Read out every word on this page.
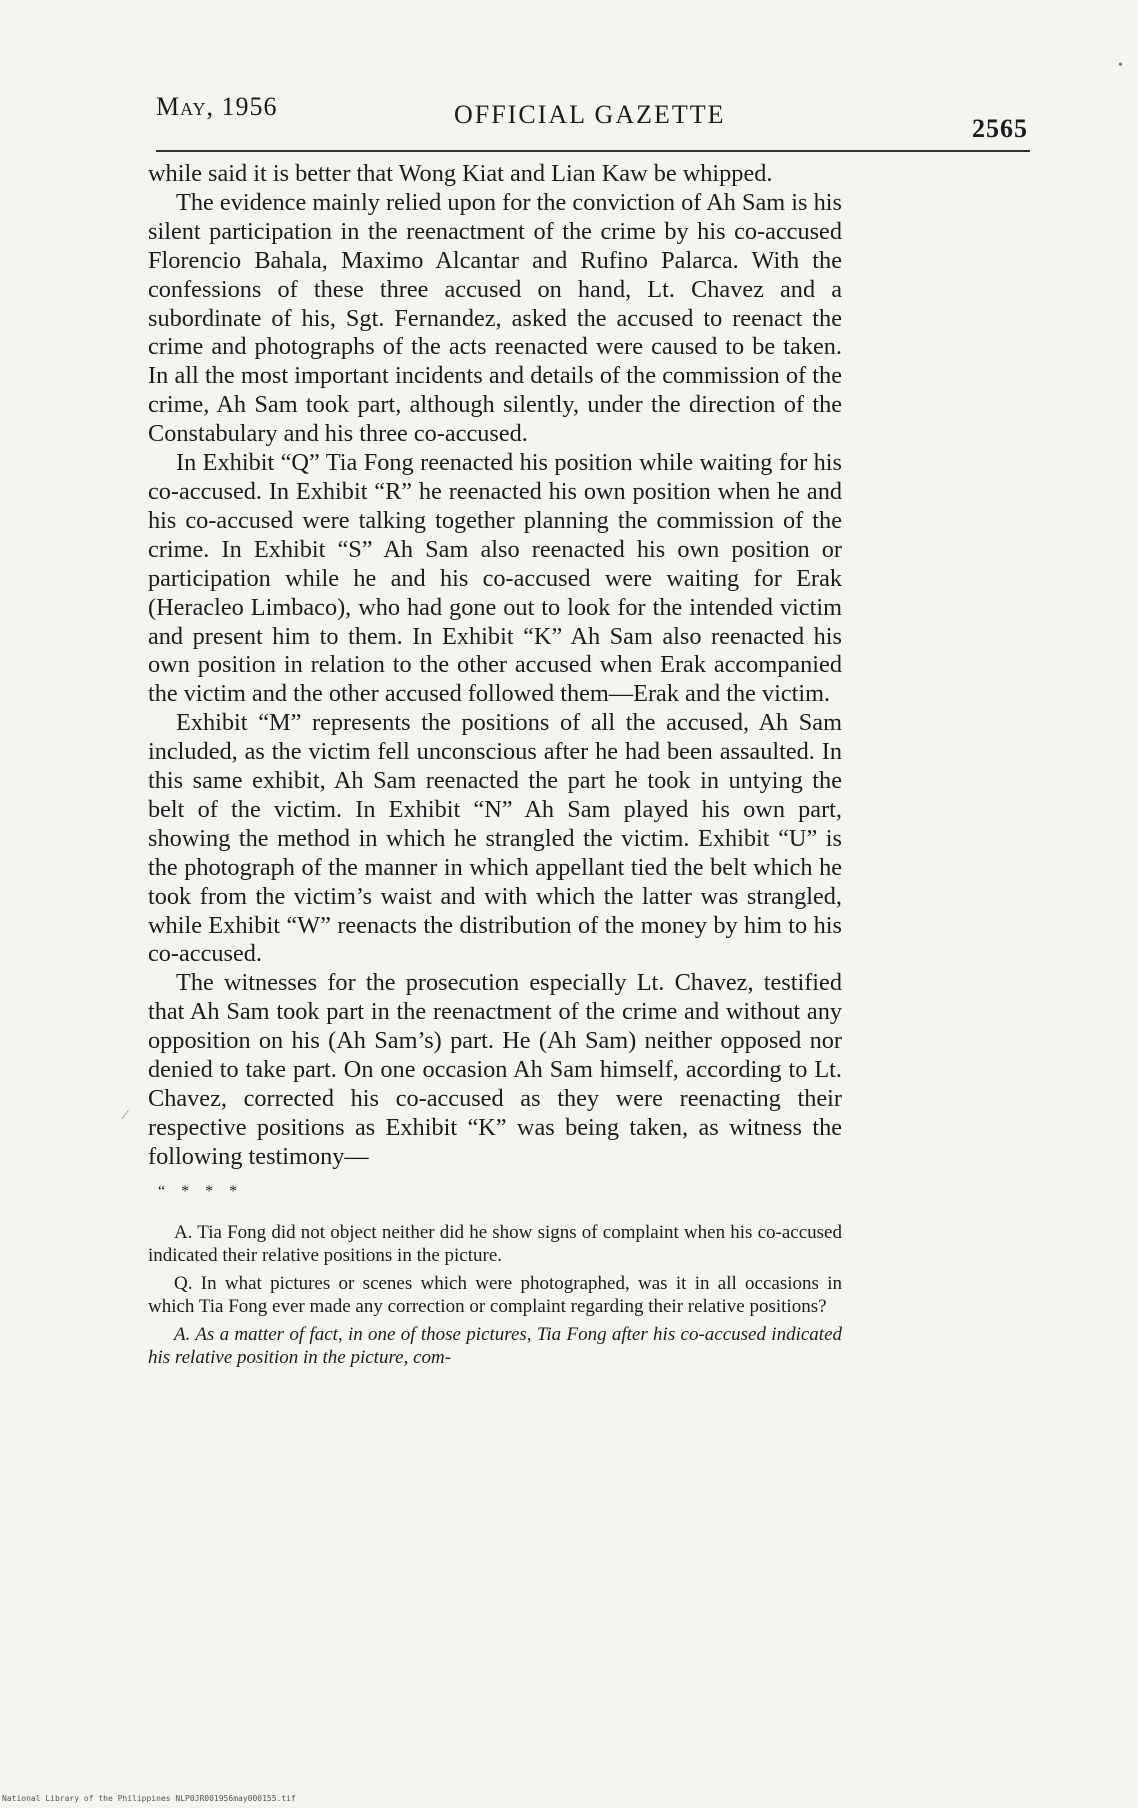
May, 1956	OFFICIAL GAZETTE	2565

while said it is better that Wong Kiat and Lian Kaw be whipped.

The evidence mainly relied upon for the conviction of Ah Sam is his silent participation in the reenactment of the crime by his co-accused Florencio Bahala, Maximo Alcantar and Rufino Palarca. With the confessions of these three accused on hand, Lt. Chavez and a subordinate of his, Sgt. Fernandez, asked the accused to reenact the crime and photographs of the acts reenacted were caused to be taken. In all the most important incidents and details of the commission of the crime, Ah Sam took part, although silently, under the direction of the Constabulary and his three co-accused.

In Exhibit “Q” Tia Fong reenacted his position while waiting for his co-accused. In Exhibit “R” he reenacted his own position when he and his co-accused were talking together planning the commission of the crime. In Exhibit “S” Ah Sam also reenacted his own position or participation while he and his co-accused were waiting for Erak (Heracleo Limbaco), who had gone out to look for the intended victim and present him to them. In Exhibit “K” Ah Sam also reenacted his own position in relation to the other accused when Erak accompanied the victim and the other accused followed them—Erak and the victim.

Exhibit “M” represents the positions of all the accused, Ah Sam included, as the victim fell unconscious after he had been assaulted. In this same exhibit, Ah Sam reenacted the part he took in untying the belt of the victim. In Exhibit “N” Ah Sam played his own part, showing the method in which he strangled the victim. Exhibit “U” is the photograph of the manner in which appellant tied the belt which he took from the victim’s waist and with which the latter was strangled, while Exhibit “W” reenacts the distribution of the money by him to his co-accused.

The witnesses for the prosecution especially Lt. Chavez, testified that Ah Sam took part in the reenactment of the crime and without any opposition on his (Ah Sam’s) part. He (Ah Sam) neither opposed nor denied to take part. On one occasion Ah Sam himself, according to Lt. Chavez, corrected his co-accused as they were reenacting their respective positions as Exhibit “K” was being taken, as witness the following testimony—

“ * * *

A. Tia Fong did not object neither did he show signs of complaint when his co-accused indicated their relative positions in the picture.

Q. In what pictures or scenes which were photographed, was it in all occasions in which Tia Fong ever made any correction or complaint regarding their relative positions?

A. As a matter of fact, in one of those pictures, Tia Fong after his co-accused indicated his relative position in the picture, com-

•
⁄
National Library of the Philippines NLP0JR001956may000155.tif
